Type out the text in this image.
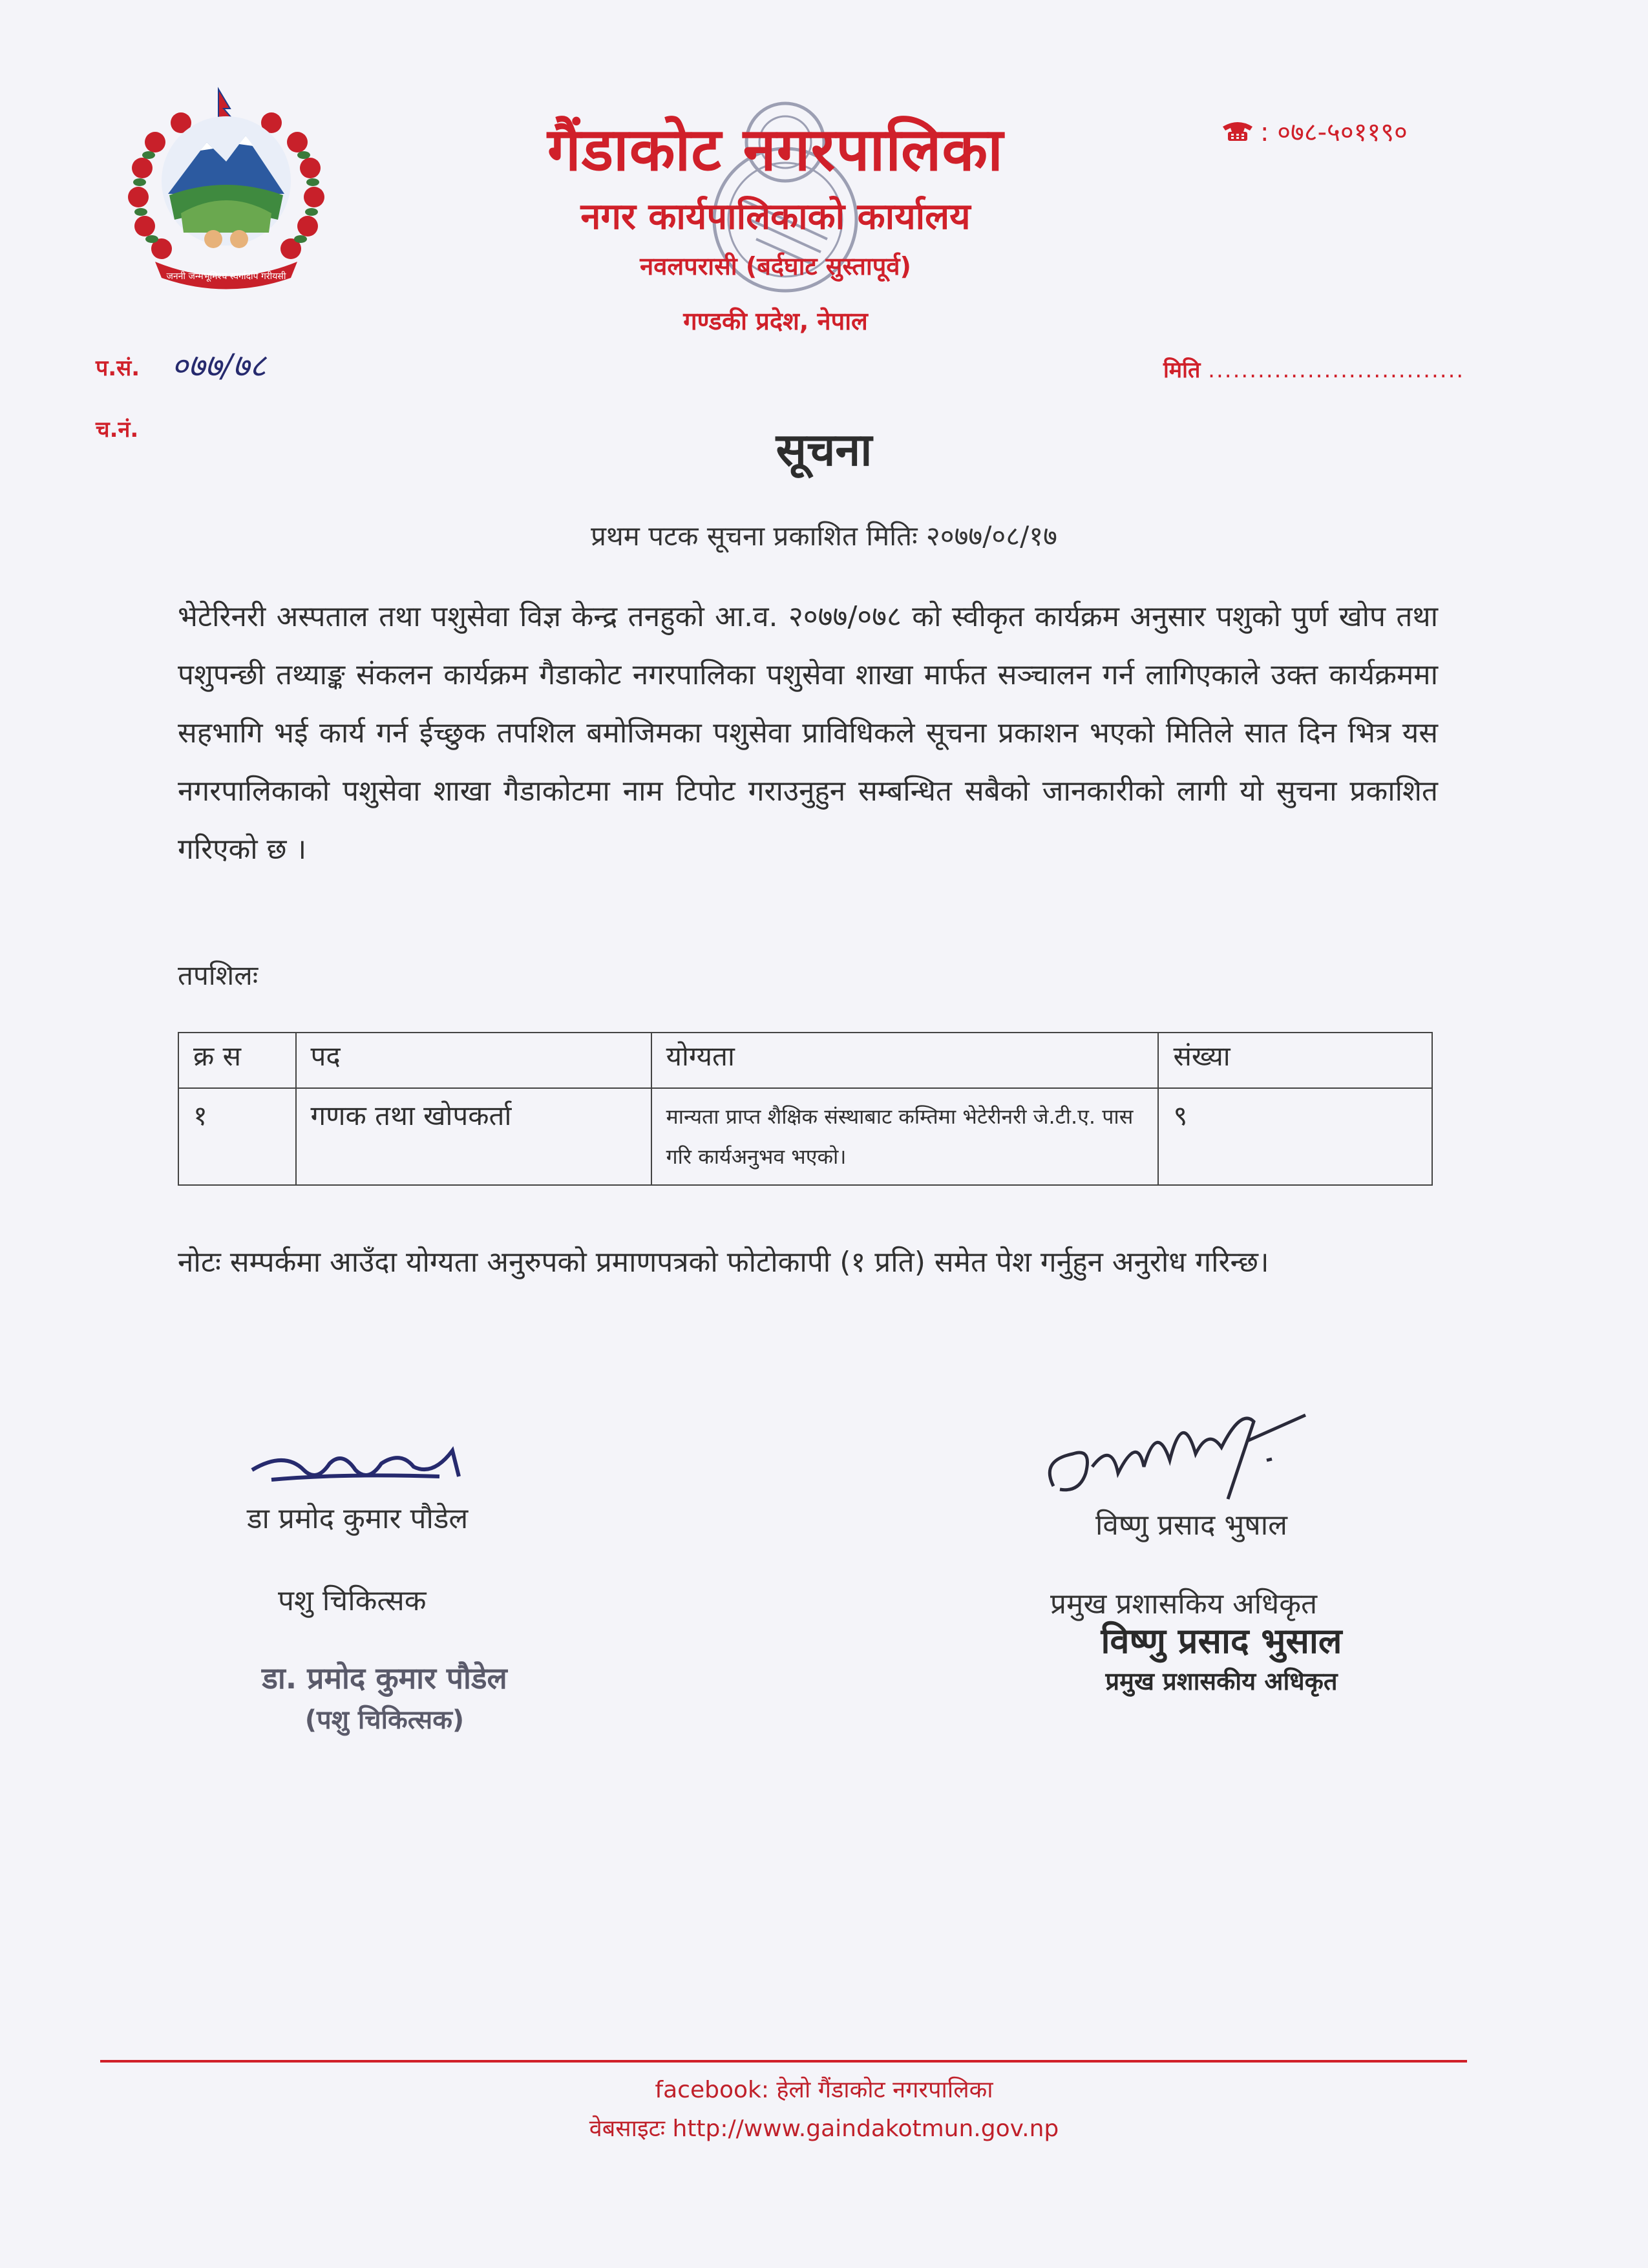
जननी जन्मभूमिश्च स्वर्गादपि गरीयसी
गैंडाकोट नगरपालिका
नगर कार्यपालिकाको कार्यालय
नवलपरासी (बर्दघाट सुस्तापूर्व)
गण्डकी प्रदेश, नेपाल
: ०७८-५०११९०
प.सं. ०७७/७८
च.नं.
मिति ...............................
सूचना
प्रथम पटक सूचना प्रकाशित मितिः २०७७/०८/१७

भेटेरिनरी अस्पताल तथा पशुसेवा विज्ञ केन्द्र तनहुको आ.व. २०७७/०७८ को स्वीकृत कार्यक्रम अनुसार पशुको पुर्ण खोप तथा पशुपन्छी तथ्याङ्क संकलन कार्यक्रम गैडाकोट नगरपालिका पशुसेवा शाखा मार्फत सञ्चालन गर्न लागिएकाले उक्त कार्यक्रममा सहभागि भई कार्य गर्न ईच्छुक तपशिल बमोजिमका पशुसेवा प्राविधिकले सूचना प्रकाशन भएको मितिले सात दिन भित्र यस नगरपालिकाको पशुसेवा शाखा गैडाकोटमा नाम टिपोट गराउनुहुन सम्बन्धित सबैको जानकारीको लागी यो सुचना प्रकाशित गरिएको छ ।

तपशिलः
क्र स	पद	योग्यता	संख्या
१	गणक तथा खोपकर्ता	मान्यता प्राप्त शैक्षिक संस्थाबाट कम्तिमा भेटेरीनरी जे.टी.ए. पास गरि कार्यअनुभव भएको।	९

नोटः सम्पर्कमा आउँदा योग्यता अनुरुपको प्रमाणपत्रको फोटोकापी (१ प्रति) समेत पेश गर्नुहुन अनुरोध गरिन्छ।

डा प्रमोद कुमार पौडेल
पशु चिकित्सक
डा. प्रमोद कुमार पौडेल
(पशु चिकित्सक)
विष्णु प्रसाद भुषाल
प्रमुख प्रशासकिय अधिकृत
विष्णु प्रसाद भुसाल
प्रमुख प्रशासकीय अधिकृत
facebook: हेलो गैंडाकोट नगरपालिका
वेबसाइटः http://www.gaindakotmun.gov.np
